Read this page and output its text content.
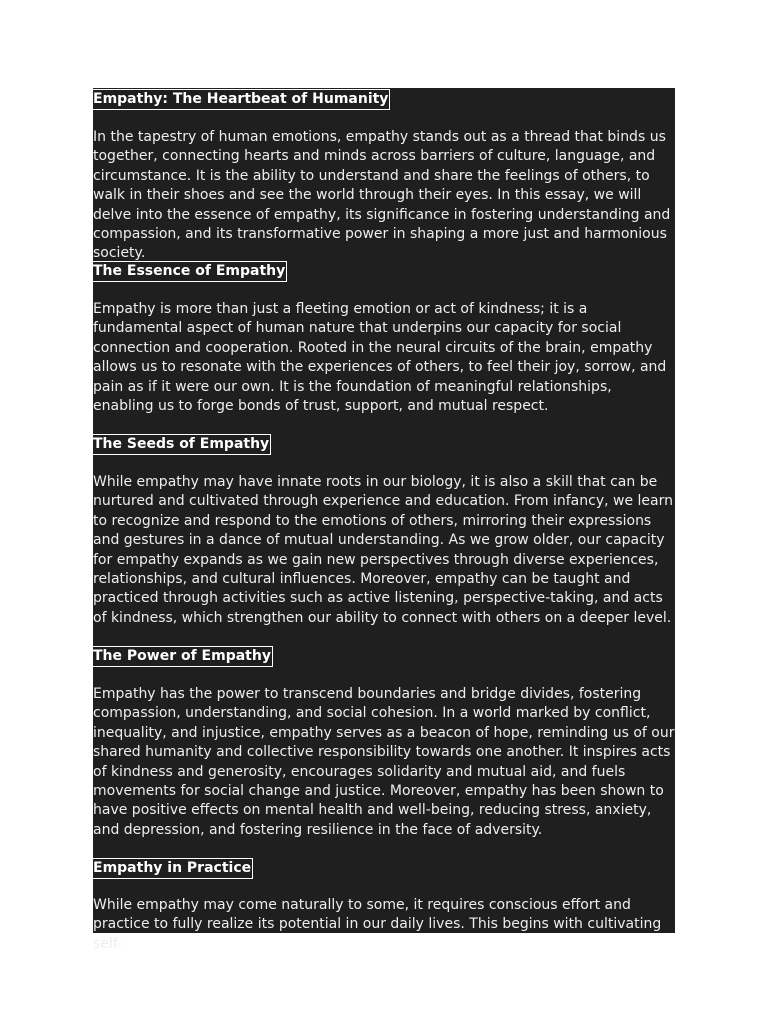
Empathy: The Heartbeat of Humanity

In the tapestry of human emotions, empathy stands out as a thread that binds us together, connecting hearts and minds across barriers of culture, language, and circumstance. It is the ability to understand and share the feelings of others, to walk in their shoes and see the world through their eyes. In this essay, we will delve into the essence of empathy, its significance in fostering understanding and compassion, and its transformative power in shaping a more just and harmonious society.

The Essence of Empathy

Empathy is more than just a fleeting emotion or act of kindness; it is a fundamental aspect of human nature that underpins our capacity for social connection and cooperation. Rooted in the neural circuits of the brain, empathy allows us to resonate with the experiences of others, to feel their joy, sorrow, and pain as if it were our own. It is the foundation of meaningful relationships, enabling us to forge bonds of trust, support, and mutual respect.

The Seeds of Empathy

While empathy may have innate roots in our biology, it is also a skill that can be nurtured and cultivated through experience and education. From infancy, we learn to recognize and respond to the emotions of others, mirroring their expressions and gestures in a dance of mutual understanding. As we grow older, our capacity for empathy expands as we gain new perspectives through diverse experiences, relationships, and cultural influences. Moreover, empathy can be taught and practiced through activities such as active listening, perspective-taking, and acts of kindness, which strengthen our ability to connect with others on a deeper level.

The Power of Empathy

Empathy has the power to transcend boundaries and bridge divides, fostering compassion, understanding, and social cohesion. In a world marked by conflict, inequality, and injustice, empathy serves as a beacon of hope, reminding us of our shared humanity and collective responsibility towards one another. It inspires acts of kindness and generosity, encourages solidarity and mutual aid, and fuels movements for social change and justice. Moreover, empathy has been shown to have positive effects on mental health and well-being, reducing stress, anxiety, and depression, and fostering resilience in the face of adversity.

Empathy in Practice

While empathy may come naturally to some, it requires conscious effort and practice to fully realize its potential in our daily lives. This begins with cultivating self-
